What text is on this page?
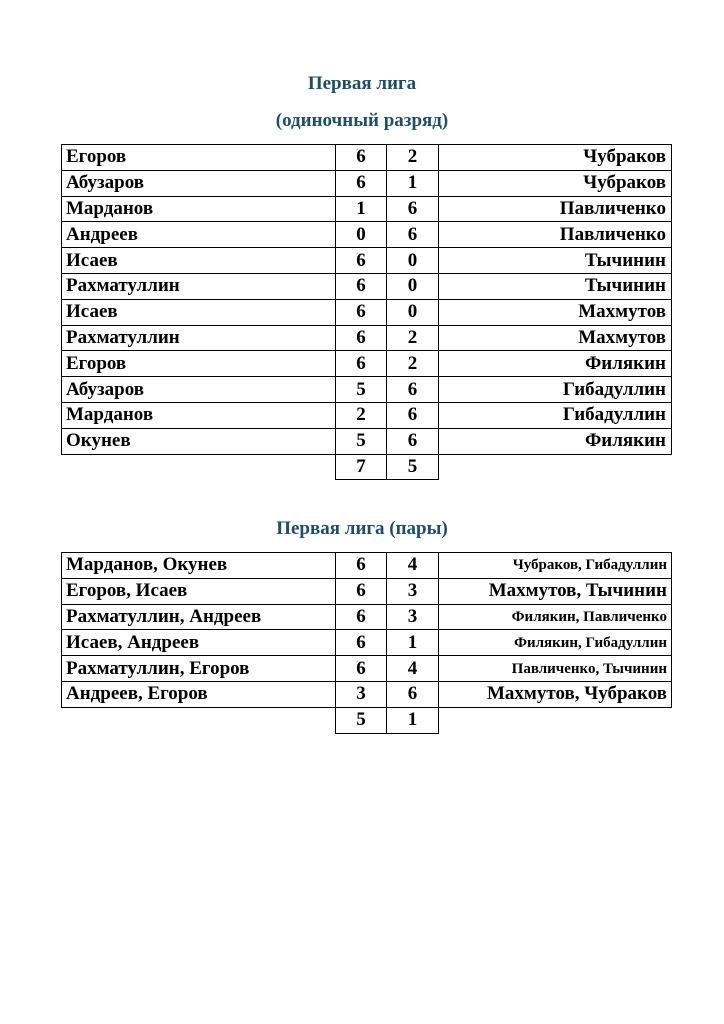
Первая лига
(одиночный разряд)
Егоров	6	2	Чубраков
Абузаров	6	1	Чубраков
Марданов	1	6	Павличенко
Андреев	0	6	Павличенко
Исаев	6	0	Тычинин
Рахматуллин	6	0	Тычинин
Исаев	6	0	Махмутов
Рахматуллин	6	2	Махмутов
Егоров	6	2	Филякин
Абузаров	5	6	Гибадуллин
Марданов	2	6	Гибадуллин
Окунев	5	6	Филякин
	7	5	
Первая лига (пары)
Марданов, Окунев	6	4	Чубраков, Гибадуллин
Егоров, Исаев	6	3	Махмутов, Тычинин
Рахматуллин, Андреев	6	3	Филякин, Павличенко
Исаев, Андреев	6	1	Филякин, Гибадуллин
Рахматуллин, Егоров	6	4	Павличенко, Тычинин
Андреев, Егоров	3	6	Махмутов, Чубраков
	5	1	
